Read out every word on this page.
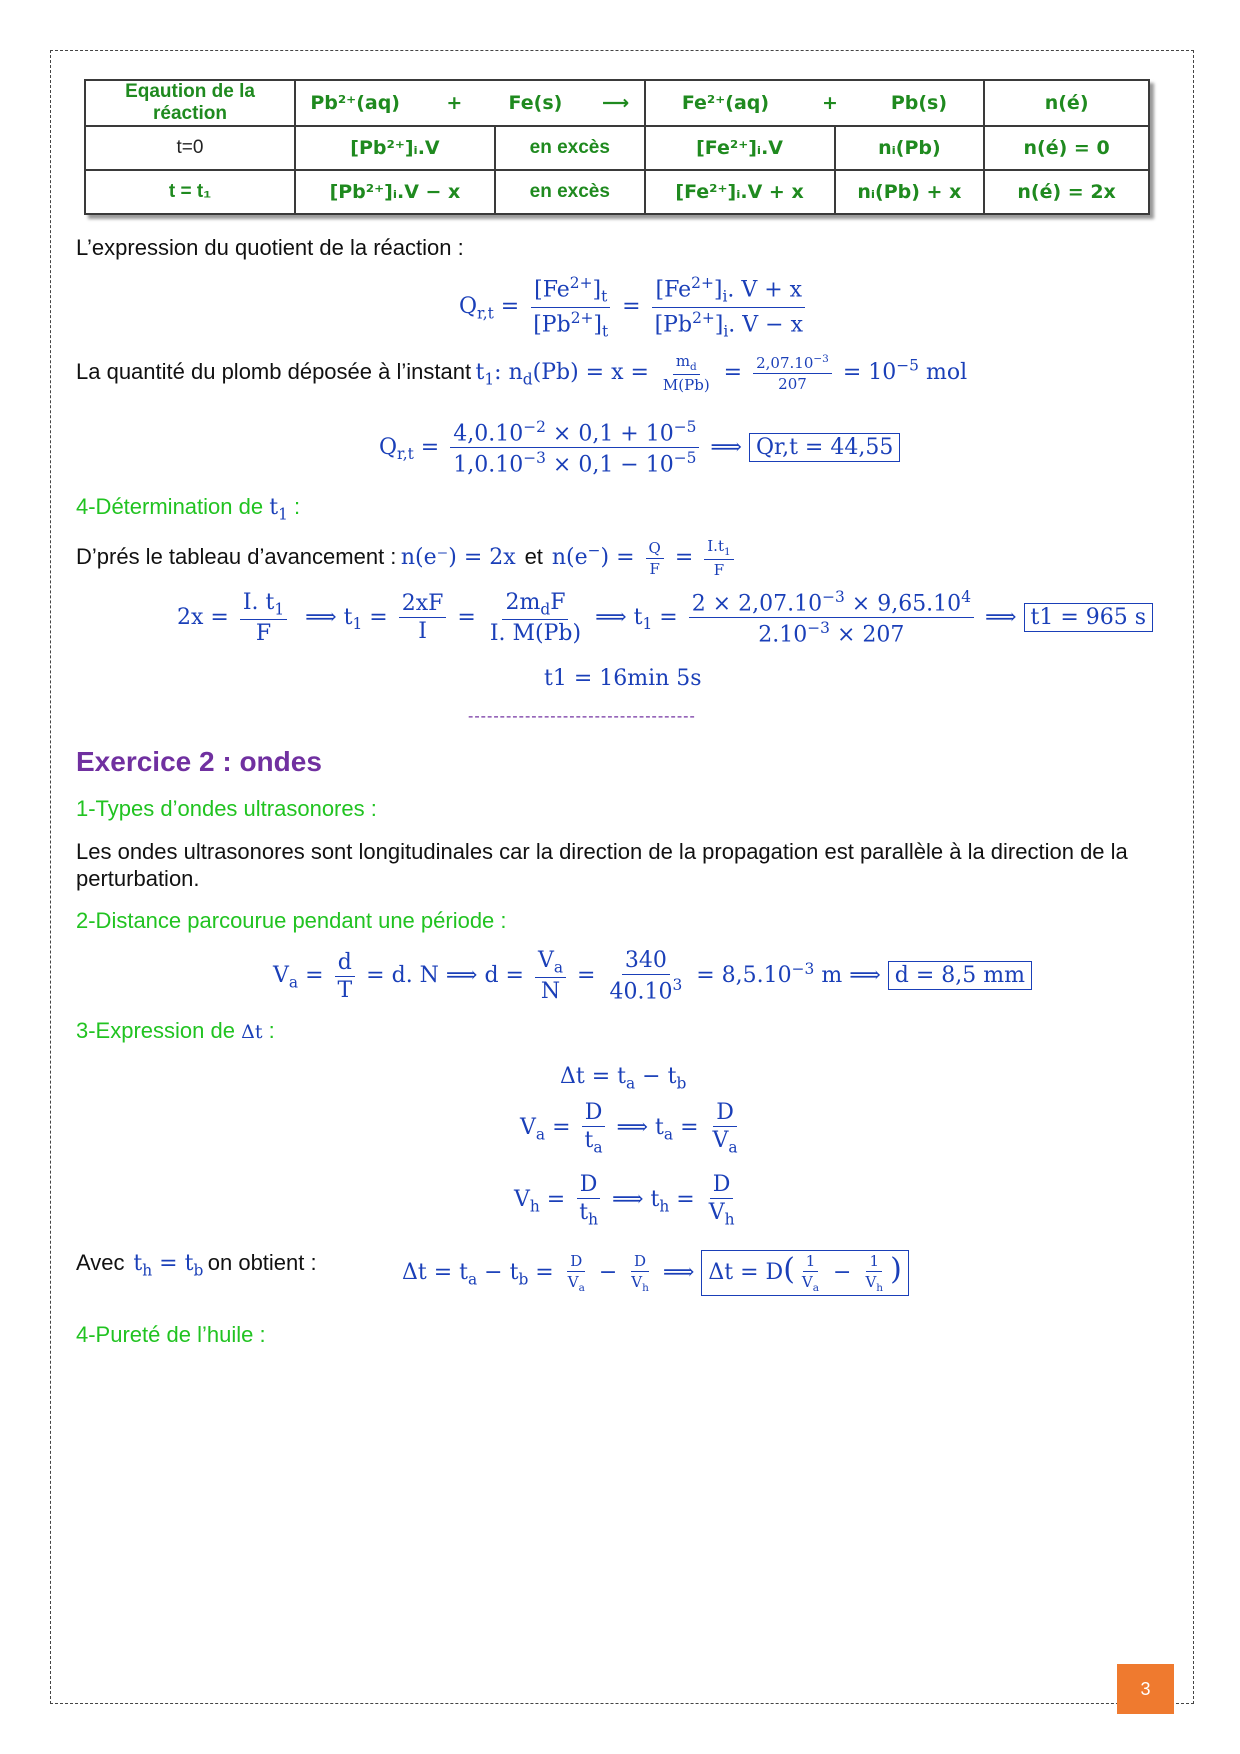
Eqaution de la réaction	Pb²⁺(aq) + Fe(s) ⟶		Fe²⁺(aq) + Pb(s)		n(é)
t=0	[Pb²⁺]ᵢ.V	en excès	[Fe²⁺]ᵢ.V	nᵢ(Pb)	n(é) = 0
t = t₁	[Pb²⁺]ᵢ.V − x	en excès	[Fe²⁺]ᵢ.V + x	nᵢ(Pb) + x	n(é) = 2x
L’expression du quotient de la réaction :
$Q_{r,t} = \frac{[Fe^{2+}]_t}{[Pb^{2+}]_t} = \frac{[Fe^{2+}]_i. V + x}{[Pb^{2+}]_i. V - x}$
La quantité du plomb déposée à l’instant $t_1$: $n_d(Pb) = x = \frac{m_d}{M(Pb)} = \frac{2,07.10^{-3}}{207} = 10^{-5}$ mol
$Q_{r,t} = \frac{4,0.10^{-2} \times 0,1 + 10^{-5}}{1,0.10^{-3} \times 0,1 - 10^{-5}}$ ⟹ Qr,t = 44,55
4-Détermination de $t_1$ :
D’prés le tableau d’avancement : n(e⁻) = 2x et  $n(e^-) = \frac{Q}{F} = \frac{I.t_1}{F}$
$2x = \frac{I. t_1}{F}$ ⟹ $t_1 = \frac{2xF}{I} = \frac{2m_dF}{I. M(Pb)}$ ⟹ $t_1 = \frac{2 \times 2,07.10^{-3} \times 9,65.10^4}{2.10^{-3} \times 207}$ ⟹ t1 = 965 s
t1 = 16min 5s
------------------------------------
Exercice 2 : ondes
1-Types d’ondes ultrasonores :
Les ondes ultrasonores sont longitudinales car la direction de la propagation est parallèle à la direction de la perturbation.
2-Distance parcourue pendant une période :
$V_a = \frac{d}{T} = d$. N ⟹ $d = \frac{V_a}{N} = \frac{340}{40.10^3} = 8,5.10^{-3}$ m ⟹ d = 8,5 mm
3-Expression de Δt :
$\Delta t = t_a - t_b$
$V_a = \frac{D}{t_a}$ ⟹ $t_a = \frac{D}{V_a}$
$V_h = \frac{D}{t_h}$ ⟹ $t_h = \frac{D}{V_h}$
Avec $t_h = t_b$ on obtient :	$\Delta t = t_a - t_b = \frac{D}{V_a} - \frac{D}{V_h}$ ⟹ $\Delta t = D( \frac{1}{V_a} - \frac{1}{V_h}$ )
4-Pureté de l’huile :
3
